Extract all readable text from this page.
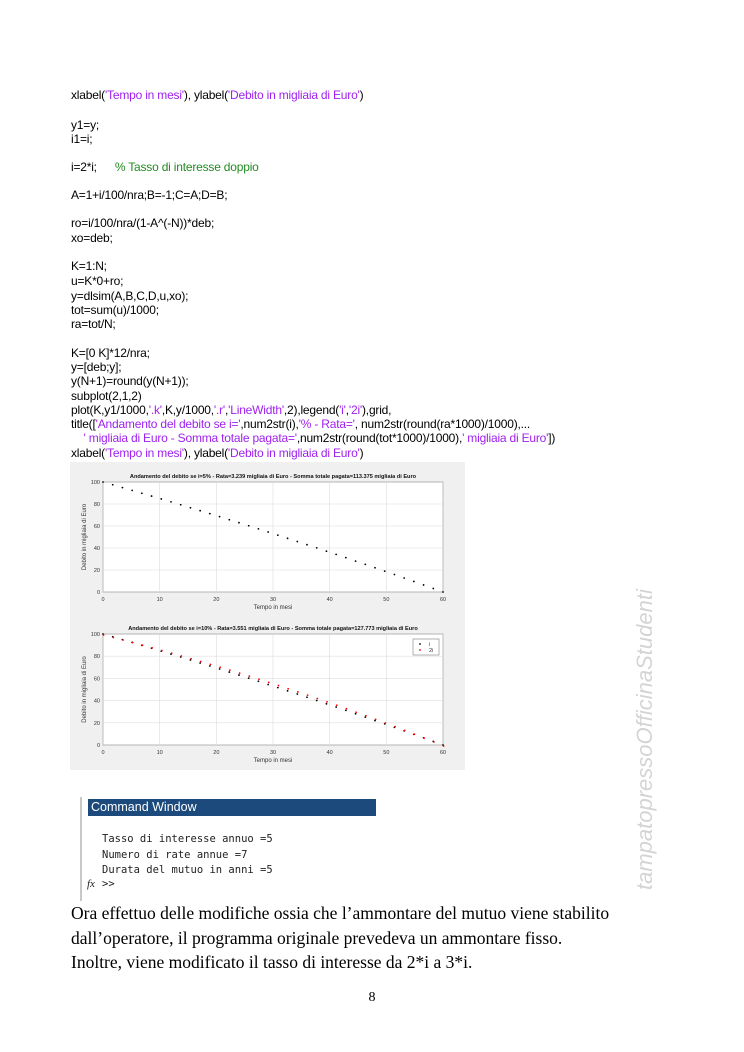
xlabel('Tempo in mesi'), ylabel('Debito in migliaia di Euro')
y1=y;
i1=i;
i=2*i; % Tasso di interesse doppio
A=1+i/100/nra;B=-1;C=A;D=B;
ro=i/100/nra/(1-A^(-N))*deb;
xo=deb;
K=1:N;
u=K*0+ro;
y=dlsim(A,B,C,D,u,xo);
tot=sum(u)/1000;
ra=tot/N;
K=[0 K]*12/nra;
y=[deb;y];
y(N+1)=round(y(N+1));
subplot(2,1,2)
plot(K,y1/1000,'.k',K,y/1000,'.r','LineWidth',2),legend('i','2i'),grid,
title(['Andamento del debito se i=',num2str(i),'% - Rata=', num2str(round(ra*1000)/1000),...
' migliaia di Euro - Somma totale pagata=',num2str(round(tot*1000)/1000),' migliaia di Euro'])
xlabel('Tempo in mesi'), ylabel('Debito in migliaia di Euro')
0	10	20	30	40	50	60
0
20
40
60
80
100
Andamento del debito se i=5% - Rata=3.239 migliaia di Euro - Somma totale pagata=113.375 migliaia di Euro
Tempo in mesi
Debito in migliaia di Euro
0	10	20	30	40	50	60
0
20
40
60
80
100
Andamento del debito se i=10% - Rata=3.551 migliaia di Euro - Somma totale pagata=127.773 migliaia di Euro
Tempo in mesi
Debito in migliaia di Euro
i
2i
Command Window
Tasso di interesse annuo =5
Numero di rate annue =7
Durata del mutuo in anni =5
fx >>
Ora effettuo delle modifiche ossia che l’ammontare del mutuo viene stabilito
dall’operatore, il programma originale prevedeva un ammontare fisso.
Inoltre, viene modificato il tasso di interesse da 2*i a 3*i.
8
tampatopressoOfficinaStudenti
